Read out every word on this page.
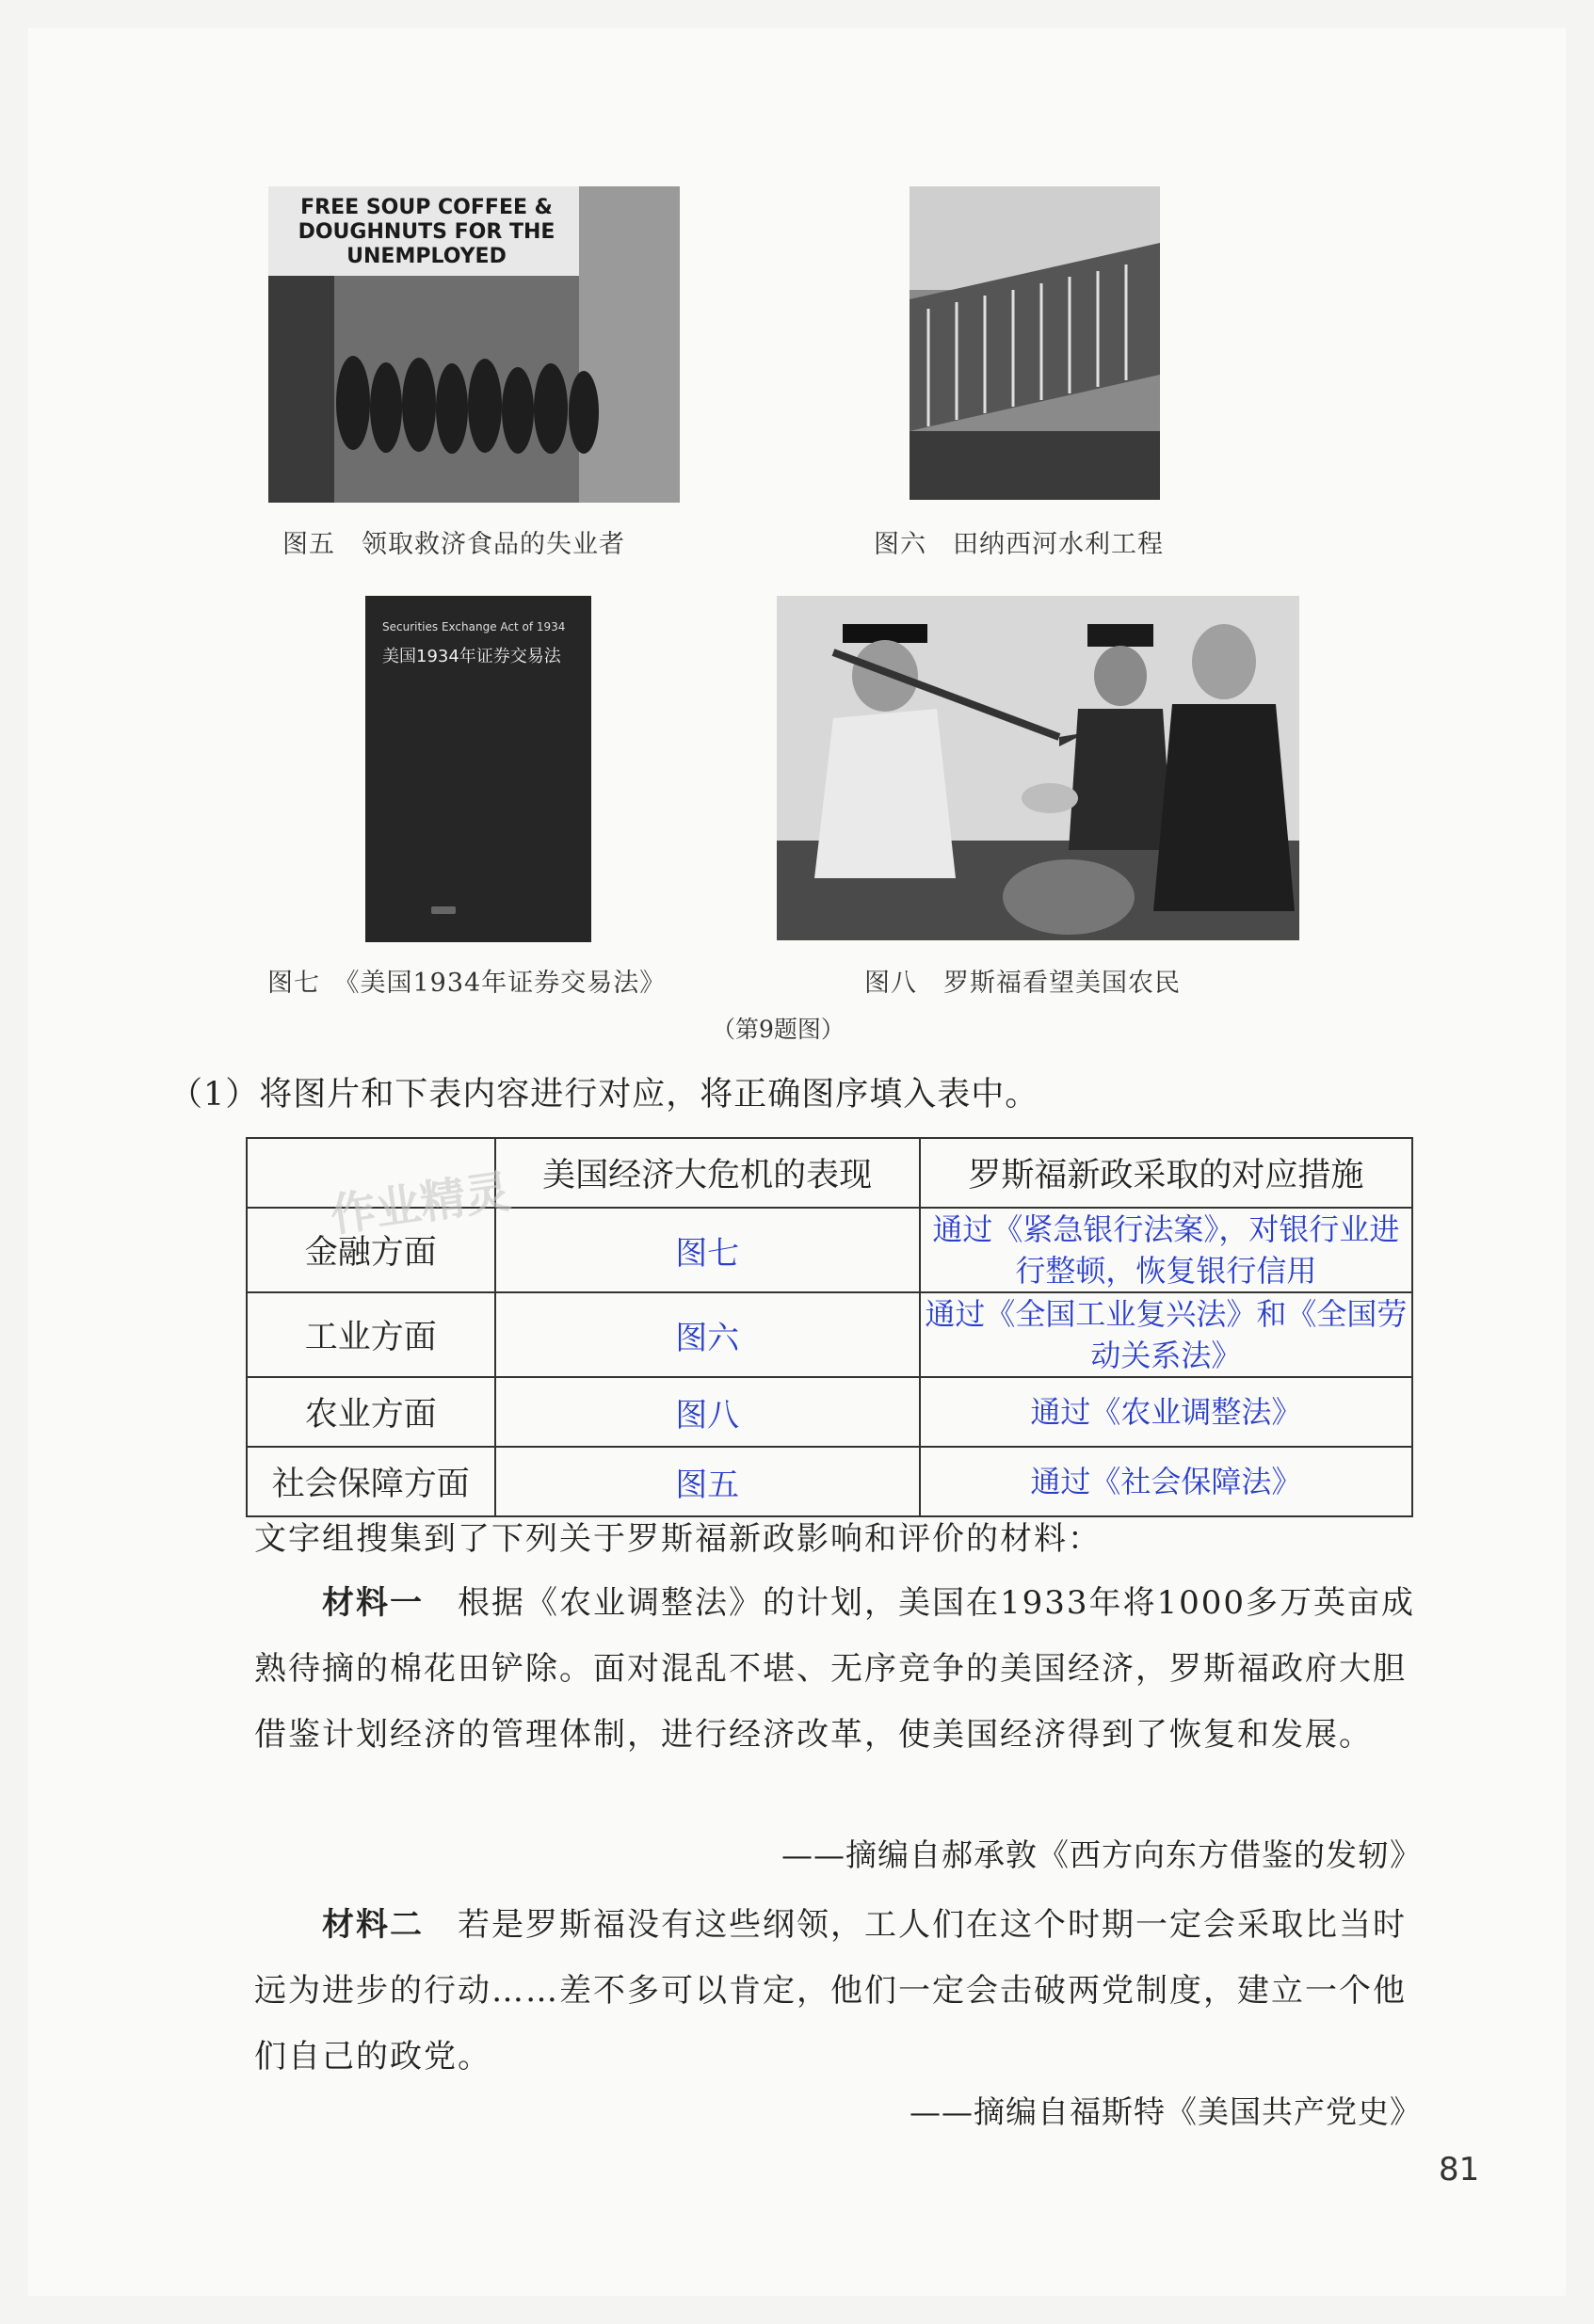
FREE SOUP COFFEE & DOUGHNUTS FOR THE UNEMPLOYED
图五　领取救济食品的失业者	图六　田纳西河水利工程
Securities Exchange Act of 1934
美国1934年证券交易法
图七　《美国1934年证券交易法》	图八　罗斯福看望美国农民
（第9题图）
（1）将图片和下表内容进行对应，将正确图序填入表中。
	美国经济大危机的表现	罗斯福新政采取的对应措施
金融方面	图七	通过《紧急银行法案》，对银行业进行整顿，恢复银行信用
工业方面	图六	通过《全国工业复兴法》和《全国劳动关系法》
农业方面	图八	通过《农业调整法》
社会保障方面	图五	通过《社会保障法》
文字组搜集到了下列关于罗斯福新政影响和评价的材料：
材料一　 根据《农业调整法》的计划，美国在1933年将1000多万英亩成熟待摘的棉花田铲除。面对混乱不堪、无序竞争的美国经济，罗斯福政府大胆借鉴计划经济的管理体制，进行经济改革，使美国经济得到了恢复和发展。
——摘编自郝承敦《西方向东方借鉴的发轫》
材料二　 若是罗斯福没有这些纲领，工人们在这个时期一定会采取比当时远为进步的行动……差不多可以肯定，他们一定会击破两党制度，建立一个他们自己的政党。
——摘编自福斯特《美国共产党史》
81
作业精灵
